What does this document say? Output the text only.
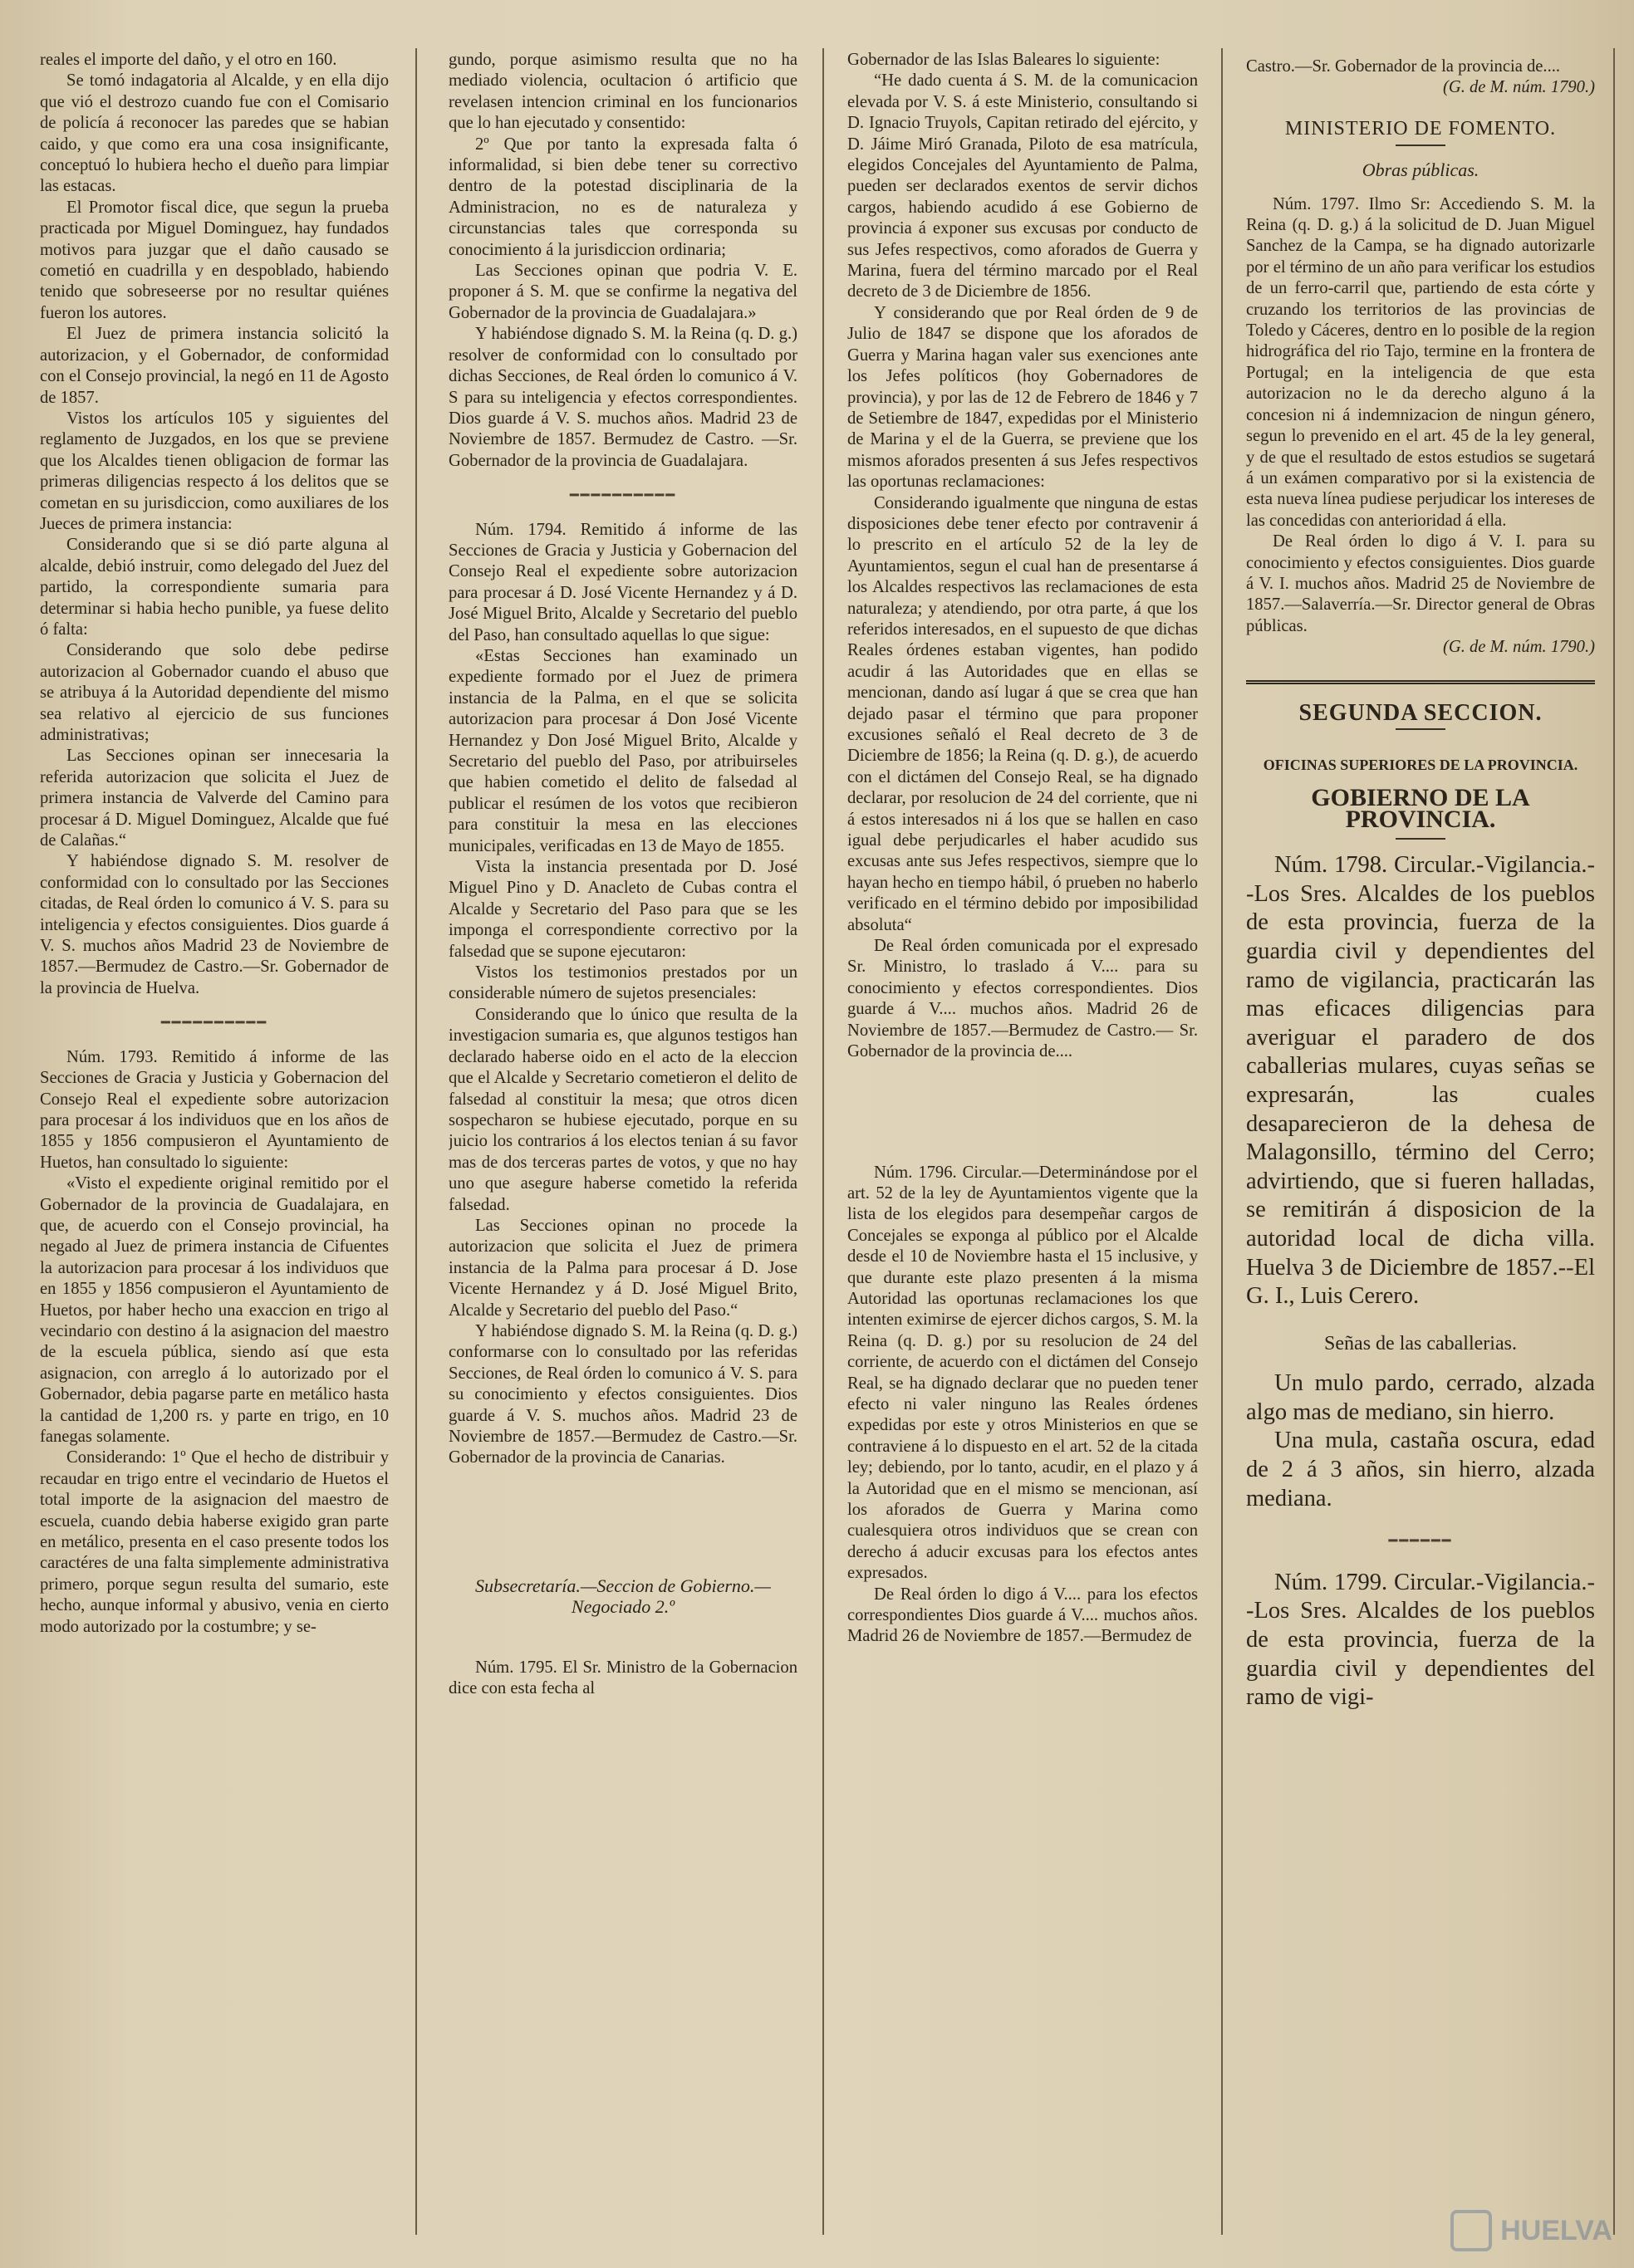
reales el importe del daño, y el otro en 160.

Se tomó indagatoria al Alcalde, y en ella dijo que vió el destrozo cuando fue con el Comisario de policía á reconocer las paredes que se habian caido, y que como era una cosa insignificante, conceptuó lo hubiera hecho el dueño para limpiar las estacas.

El Promotor fiscal dice, que segun la prueba practicada por Miguel Dominguez, hay fundados motivos para juzgar que el daño causado se cometió en cuadrilla y en despoblado, habiendo tenido que sobreseerse por no resultar quiénes fueron los autores.

El Juez de primera instancia solicitó la autorizacion, y el Gobernador, de conformidad con el Consejo provincial, la negó en 11 de Agosto de 1857.

Vistos los artículos 105 y siguientes del reglamento de Juzgados, en los que se previene que los Alcaldes tienen obligacion de formar las primeras diligencias respecto á los delitos que se cometan en su jurisdiccion, como auxiliares de los Jueces de primera instancia:

Considerando que si se dió parte alguna al alcalde, debió instruir, como delegado del Juez del partido, la correspondiente sumaria para determinar si habia hecho punible, ya fuese delito ó falta:

Considerando que solo debe pedirse autorizacion al Gobernador cuando el abuso que se atribuya á la Autoridad dependiente del mismo sea relativo al ejercicio de sus funciones administrativas;

Las Secciones opinan ser innecesaria la referida autorizacion que solicita el Juez de primera instancia de Valverde del Camino para procesar á D. Miguel Dominguez, Alcalde que fué de Calañas.“

Y habiéndose dignado S. M. resolver de conformidad con lo consultado por las Secciones citadas, de Real órden lo comunico á V. S. para su inteligencia y efectos consiguientes. Dios guarde á V. S. muchos años Madrid 23 de Noviembre de 1857.—Bermudez de Castro.—Sr. Gobernador de la provincia de Huelva.

━━━━━━━━━━

Núm. 1793. Remitido á informe de las Secciones de Gracia y Justicia y Gobernacion del Consejo Real el expediente sobre autorizacion para procesar á los individuos que en los años de 1855 y 1856 compusieron el Ayuntamiento de Huetos, han consultado lo siguiente:

«Visto el expediente original remitido por el Gobernador de la provincia de Guadalajara, en que, de acuerdo con el Consejo provincial, ha negado al Juez de primera instancia de Cifuentes la autorizacion para procesar á los individuos que en 1855 y 1856 compusieron el Ayuntamiento de Huetos, por haber hecho una exaccion en trigo al vecindario con destino á la asignacion del maestro de la escuela pública, siendo así que esta asignacion, con arreglo á lo autorizado por el Gobernador, debia pagarse parte en metálico hasta la cantidad de 1,200 rs. y parte en trigo, en 10 fanegas solamente.

Considerando: 1º Que el hecho de distribuir y recaudar en trigo entre el vecindario de Huetos el total importe de la asignacion del maestro de escuela, cuando debia haberse exigido gran parte en metálico, presenta en el caso presente todos los caractéres de una falta simplemente administrativa primero, porque segun resulta del sumario, este hecho, aunque informal y abusivo, venia en cierto modo autorizado por la costumbre; y se-

gundo, porque asimismo resulta que no ha mediado violencia, ocultacion ó artificio que revelasen intencion criminal en los funcionarios que lo han ejecutado y consentido:

2º Que por tanto la expresada falta ó informalidad, si bien debe tener su correctivo dentro de la potestad disciplinaria de la Administracion, no es de naturaleza y circunstancias tales que corresponda su conocimiento á la jurisdiccion ordinaria;

Las Secciones opinan que podria V. E. proponer á S. M. que se confirme la negativa del Gobernador de la provincia de Guadalajara.»

Y habiéndose dignado S. M. la Reina (q. D. g.) resolver de conformidad con lo consultado por dichas Secciones, de Real órden lo comunico á V. S para su inteligencia y efectos correspondientes. Dios guarde á V. S. muchos años. Madrid 23 de Noviembre de 1857. Bermudez de Castro. —Sr. Gobernador de la provincia de Guadalajara.

━━━━━━━━━━

Núm. 1794. Remitido á informe de las Secciones de Gracia y Justicia y Gobernacion del Consejo Real el expediente sobre autorizacion para procesar á D. José Vicente Hernandez y á D. José Miguel Brito, Alcalde y Secretario del pueblo del Paso, han consultado aquellas lo que sigue:

«Estas Secciones han examinado un expediente formado por el Juez de primera instancia de la Palma, en el que se solicita autorizacion para procesar á Don José Vicente Hernandez y Don José Miguel Brito, Alcalde y Secretario del pueblo del Paso, por atribuirseles que habien cometido el delito de falsedad al publicar el resúmen de los votos que recibieron para constituir la mesa en las elecciones municipales, verificadas en 13 de Mayo de 1855.

Vista la instancia presentada por D. José Miguel Pino y D. Anacleto de Cubas contra el Alcalde y Secretario del Paso para que se les imponga el correspondiente correctivo por la falsedad que se supone ejecutaron:

Vistos los testimonios prestados por un considerable número de sujetos presenciales:

Considerando que lo único que resulta de la investigacion sumaria es, que algunos testigos han declarado haberse oido en el acto de la eleccion que el Alcalde y Secretario cometieron el delito de falsedad al constituir la mesa; que otros dicen sospecharon se hubiese ejecutado, porque en su juicio los contrarios á los electos tenian á su favor mas de dos terceras partes de votos, y que no hay uno que asegure haberse cometido la referida falsedad.

Las Secciones opinan no procede la autorizacion que solicita el Juez de primera instancia de la Palma para procesar á D. Jose Vicente Hernandez y á D. José Miguel Brito, Alcalde y Secretario del pueblo del Paso.“

Y habiéndose dignado S. M. la Reina (q. D. g.) conformarse con lo consultado por las referidas Secciones, de Real órden lo comunico á V. S. para su conocimiento y efectos consiguientes. Dios guarde á V. S. muchos años. Madrid 23 de Noviembre de 1857.—Bermudez de Castro.—Sr. Gobernador de la provincia de Canarias.

Subsecretaría.—Seccion de Gobierno.—Negociado 2.º

Núm. 1795. El Sr. Ministro de la Gobernacion dice con esta fecha al

Gobernador de las Islas Baleares lo siguiente:

“He dado cuenta á S. M. de la comunicacion elevada por V. S. á este Ministerio, consultando si D. Ignacio Truyols, Capitan retirado del ejército, y D. Jáime Miró Granada, Piloto de esa matrícula, elegidos Concejales del Ayuntamiento de Palma, pueden ser declarados exentos de servir dichos cargos, habiendo acudido á ese Gobierno de provincia á exponer sus excusas por conducto de sus Jefes respectivos, como aforados de Guerra y Marina, fuera del término marcado por el Real decreto de 3 de Diciembre de 1856.

Y considerando que por Real órden de 9 de Julio de 1847 se dispone que los aforados de Guerra y Marina hagan valer sus exenciones ante los Jefes políticos (hoy Gobernadores de provincia), y por las de 12 de Febrero de 1846 y 7 de Setiembre de 1847, expedidas por el Ministerio de Marina y el de la Guerra, se previene que los mismos aforados presenten á sus Jefes respectivos las oportunas reclamaciones:

Considerando igualmente que ninguna de estas disposiciones debe tener efecto por contravenir á lo prescrito en el artículo 52 de la ley de Ayuntamientos, segun el cual han de presentarse á los Alcaldes respectivos las reclamaciones de esta naturaleza; y atendiendo, por otra parte, á que los referidos interesados, en el supuesto de que dichas Reales órdenes estaban vigentes, han podido acudir á las Autoridades que en ellas se mencionan, dando así lugar á que se crea que han dejado pasar el término que para proponer excusiones señaló el Real decreto de 3 de Diciembre de 1856; la Reina (q. D. g.), de acuerdo con el dictámen del Consejo Real, se ha dignado declarar, por resolucion de 24 del corriente, que ni á estos interesados ni á los que se hallen en caso igual debe perjudicarles el haber acudido sus excusas ante sus Jefes respectivos, siempre que lo hayan hecho en tiempo hábil, ó prueben no haberlo verificado en el término debido por imposibilidad absoluta“

De Real órden comunicada por el expresado Sr. Ministro, lo traslado á V.... para su conocimiento y efectos correspondientes. Dios guarde á V.... muchos años. Madrid 26 de Noviembre de 1857.—Bermudez de Castro.— Sr. Gobernador de la provincia de....

Núm. 1796. Circular.—Determinándose por el art. 52 de la ley de Ayuntamientos vigente que la lista de los elegidos para desempeñar cargos de Concejales se exponga al público por el Alcalde desde el 10 de Noviembre hasta el 15 inclusive, y que durante este plazo presenten á la misma Autoridad las oportunas reclamaciones los que intenten eximirse de ejercer dichos cargos, S. M. la Reina (q. D. g.) por su resolucion de 24 del corriente, de acuerdo con el dictámen del Consejo Real, se ha dignado declarar que no pueden tener efecto ni valer ninguno las Reales órdenes expedidas por este y otros Ministerios en que se contraviene á lo dispuesto en el art. 52 de la citada ley; debiendo, por lo tanto, acudir, en el plazo y á la Autoridad que en el mismo se mencionan, así los aforados de Guerra y Marina como cualesquiera otros individuos que se crean con derecho á aducir excusas para los efectos antes expresados.

De Real órden lo digo á V.... para los efectos correspondientes Dios guarde á V.... muchos años. Madrid 26 de Noviembre de 1857.—Bermudez de

Castro.—Sr. Gobernador de la provincia de....

(G. de M. núm. 1790.)

MINISTERIO DE FOMENTO.
Obras públicas.

Núm. 1797. Ilmo Sr: Accediendo S. M. la Reina (q. D. g.) á la solicitud de D. Juan Miguel Sanchez de la Campa, se ha dignado autorizarle por el término de un año para verificar los estudios de un ferro-carril que, partiendo de esta córte y cruzando los territorios de las provincias de Toledo y Cáceres, dentro en lo posible de la region hidrográfica del rio Tajo, termine en la frontera de Portugal; en la inteligencia de que esta autorizacion no le da derecho alguno á la concesion ni á indemnizacion de ningun género, segun lo prevenido en el art. 45 de la ley general, y de que el resultado de estos estudios se sugetará á un exámen comparativo por si la existencia de esta nueva línea pudiese perjudicar los intereses de las concedidas con anterioridad á ella.

De Real órden lo digo á V. I. para su conocimiento y efectos consiguientes. Dios guarde á V. I. muchos años. Madrid 25 de Noviembre de 1857.—Salaverría.—Sr. Director general de Obras públicas.

(G. de M. núm. 1790.)

SEGUNDA SECCION.
OFICINAS SUPERIORES DE LA PROVINCIA.
GOBIERNO DE LA PROVINCIA.

Núm. 1798. Circular.-Vigilancia.--Los Sres. Alcaldes de los pueblos de esta provincia, fuerza de la guardia civil y dependientes del ramo de vigilancia, practicarán las mas eficaces diligencias para averiguar el paradero de dos caballerias mulares, cuyas señas se expresarán, las cuales desaparecieron de la dehesa de Malagonsillo, término del Cerro; advirtiendo, que si fueren halladas, se remitirán á disposicion de la autoridad local de dicha villa. Huelva 3 de Diciembre de 1857.--El G. I., Luis Cerero.

Señas de las caballerias.

Un mulo pardo, cerrado, alzada algo mas de mediano, sin hierro.

Una mula, castaña oscura, edad de 2 á 3 años, sin hierro, alzada mediana.

━━━━━━

Núm. 1799. Circular.-Vigilancia.--Los Sres. Alcaldes de los pueblos de esta provincia, fuerza de la guardia civil y dependientes del ramo de vigi-

HUELVA
